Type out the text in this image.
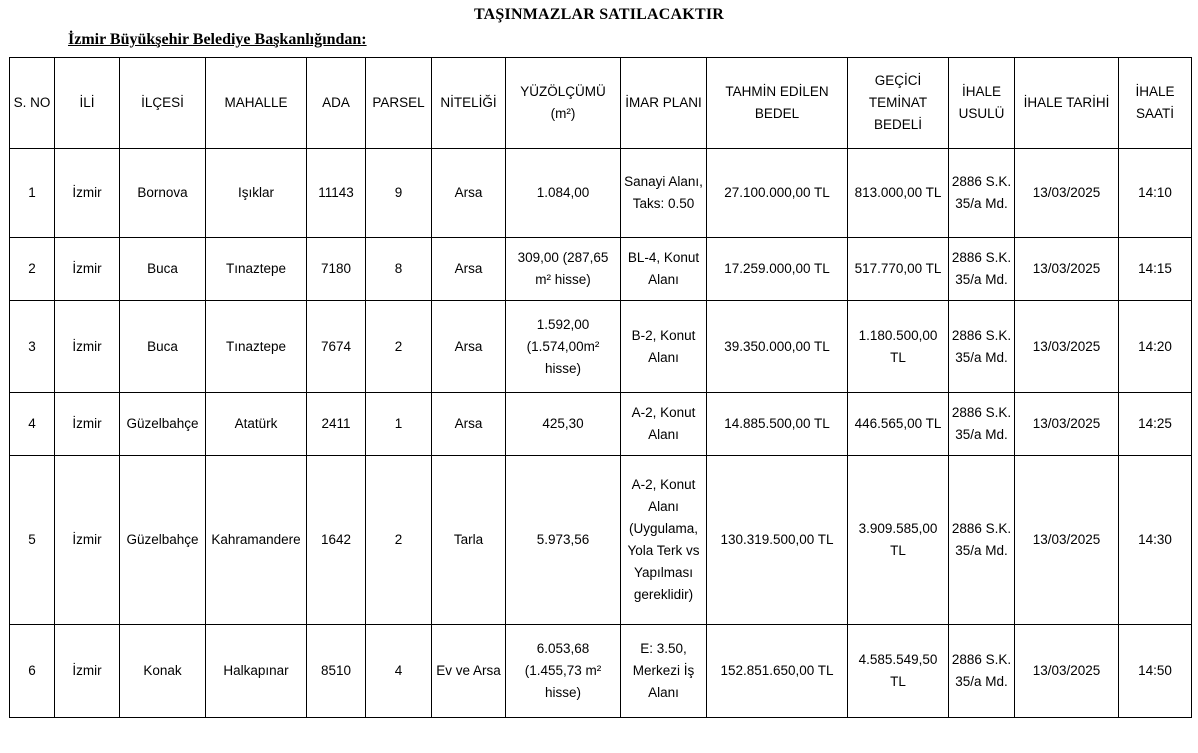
TAŞINMAZLAR SATILACAKTIR
İzmir Büyükşehir Belediye Başkanlığından:
S. NO	İLİ	İLÇESİ	MAHALLE	ADA	PARSEL	NİTELİĞİ	YÜZÖLÇÜMÜ (m²)	İMAR PLANI	TAHMİN EDİLEN BEDEL	GEÇİCİ TEMİNAT BEDELİ	İHALE USULÜ	İHALE TARİHİ	İHALE SAATİ
1	İzmir	Bornova	Işıklar	11143	9	Arsa	1.084,00	Sanayi Alanı, Taks: 0.50	27.100.000,00 TL	813.000,00 TL	2886 S.K. 35/a Md.	13/03/2025	14:10
2	İzmir	Buca	Tınaztepe	7180	8	Arsa	309,00 (287,65 m² hisse)	BL-4, Konut Alanı	17.259.000,00 TL	517.770,00 TL	2886 S.K. 35/a Md.	13/03/2025	14:15
3	İzmir	Buca	Tınaztepe	7674	2	Arsa	1.592,00 (1.574,00m² hisse)	B-2, Konut Alanı	39.350.000,00 TL	1.180.500,00 TL	2886 S.K. 35/a Md.	13/03/2025	14:20
4	İzmir	Güzelbahçe	Atatürk	2411	1	Arsa	425,30	A-2, Konut Alanı	14.885.500,00 TL	446.565,00 TL	2886 S.K. 35/a Md.	13/03/2025	14:25
5	İzmir	Güzelbahçe	Kahramandere	1642	2	Tarla	5.973,56	A-2, Konut Alanı (Uygulama, Yola Terk vs Yapılması gereklidir)	130.319.500,00 TL	3.909.585,00 TL	2886 S.K. 35/a Md.	13/03/2025	14:30
6	İzmir	Konak	Halkapınar	8510	4	Ev ve Arsa	6.053,68 (1.455,73 m² hisse)	E: 3.50, Merkezi İş Alanı	152.851.650,00 TL	4.585.549,50 TL	2886 S.K. 35/a Md.	13/03/2025	14:50
